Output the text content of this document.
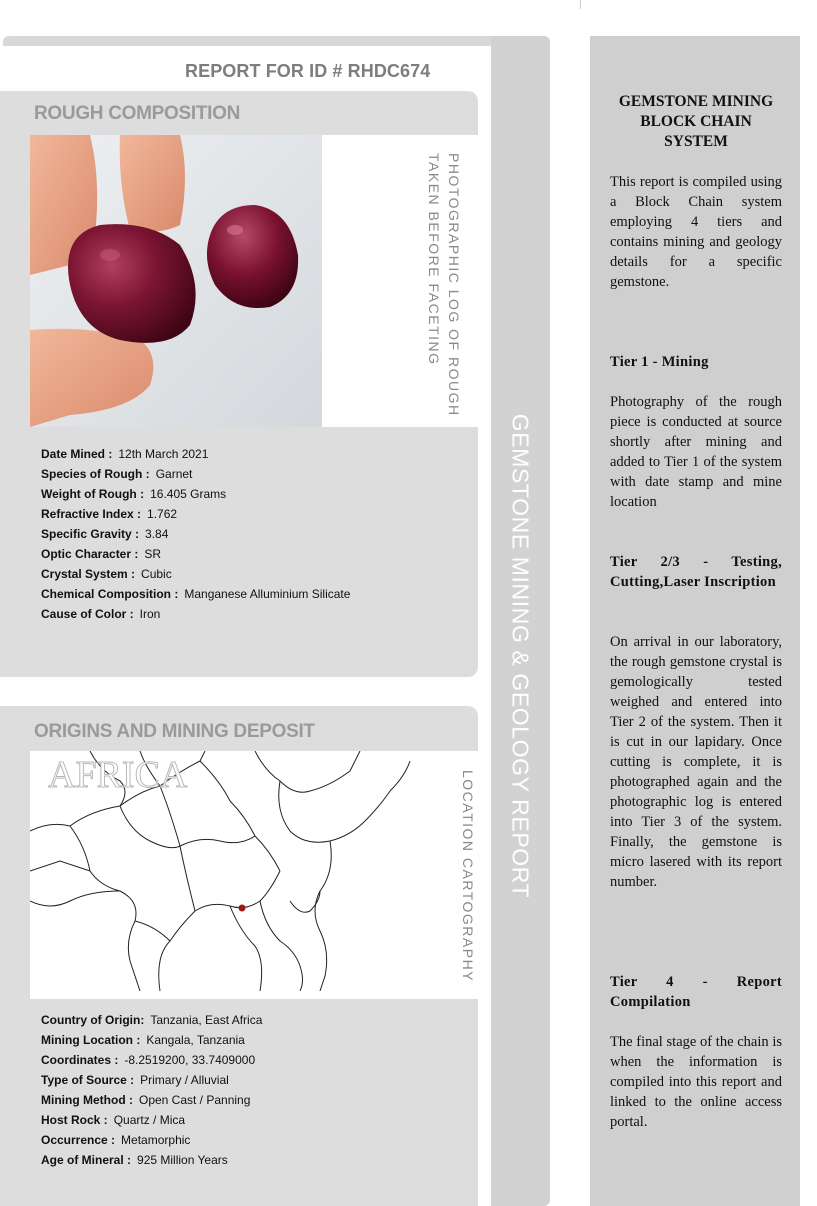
REPORT FOR ID # RHDC674
ROUGH COMPOSITION
PHOTOGRAPHIC LOG OF ROUGH
TAKEN BEFORE FACETING
Date Mined : 12th March 2021
Species of Rough : Garnet
Weight of Rough : 16.405 Grams
Refractive Index : 1.762
Specific Gravity : 3.84
Optic Character : SR
Crystal System : Cubic
Chemical Composition : Manganese Alluminium Silicate
Cause of Color : Iron
ORIGINS AND MINING DEPOSIT
AFRICA	LOCATION CARTOGRAPHY
Country of Origin: Tanzania, East Africa
Mining Location : Kangala, Tanzania
Coordinates : -8.2519200, 33.7409000
Type of Source : Primary / Alluvial
Mining Method : Open Cast / Panning
Host Rock : Quartz / Mica
Occurrence : Metamorphic
Age of Mineral : 925 Million Years
GEMSTONE MINING & GEOLOGY REPORT
GEMSTONE MINING BLOCK CHAIN SYSTEM
This report is compiled using a Block Chain system employing 4 tiers and contains mining and geology details for a specific gemstone.
Tier 1 - Mining
Photography of the rough piece is conducted at source shortly after mining and added to Tier 1 of the system with date stamp and mine location
Tier 2/3 - Testing, Cutting,Laser Inscription
On arrival in our laboratory, the rough gemstone crystal is gemologically tested weighed and entered into Tier 2 of the system. Then it is cut in our lapidary. Once cutting is complete, it is photographed again and the photographic log is entered into Tier 3 of the system. Finally, the gemstone is micro lasered with its report number.
Tier 4 - Report Compilation
The final stage of the chain is when the information is compiled into this report and linked to the online access portal.
